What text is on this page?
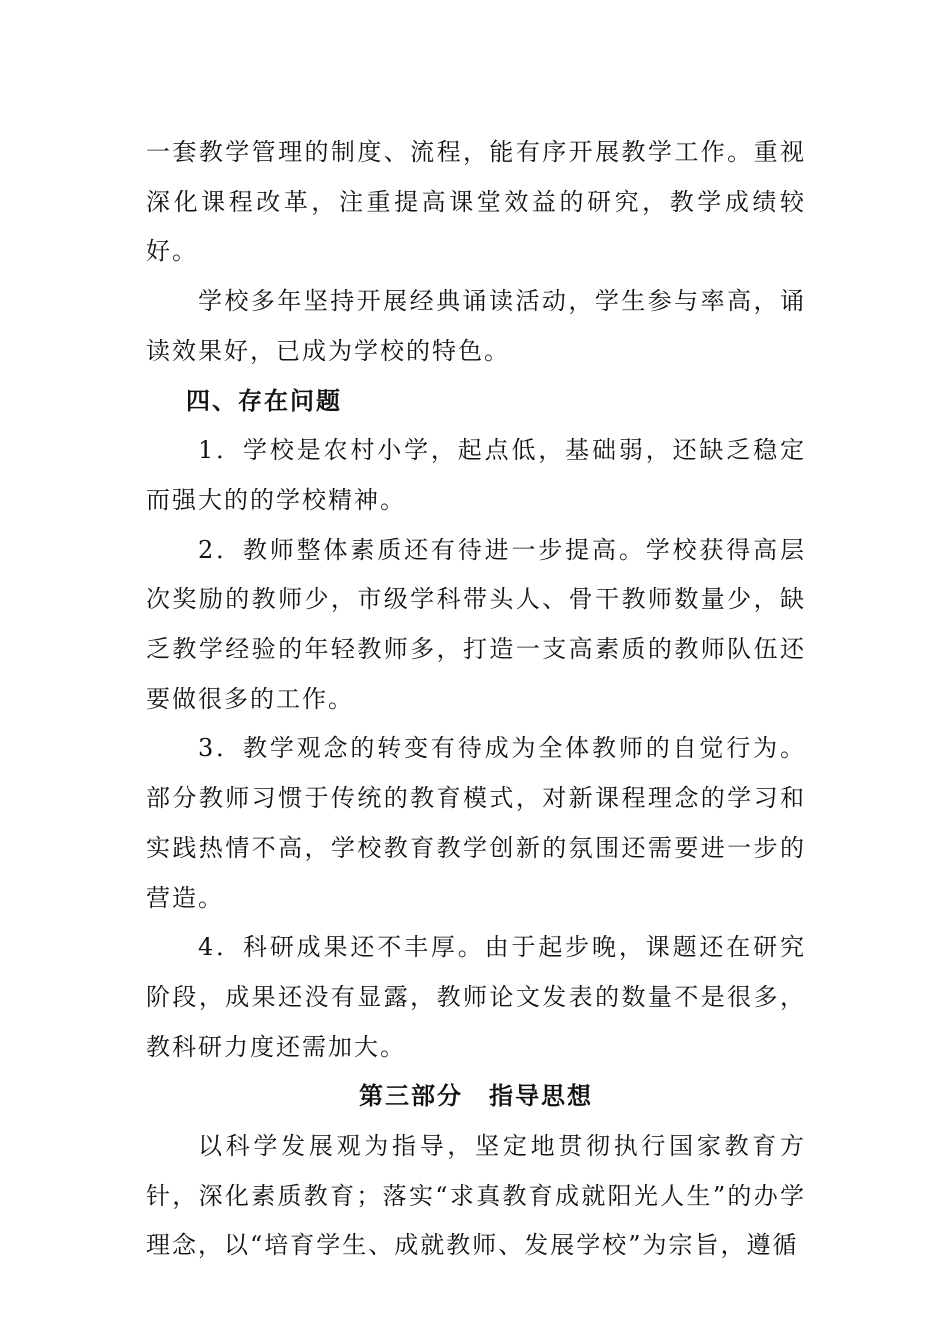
一套教学管理的制度、流程，能有序开展教学工作。重视深化课程改革，注重提高课堂效益的研究，教学成绩较好。

学校多年坚持开展经典诵读活动，学生参与率高，诵读效果好，已成为学校的特色。

四、存在问题

1．学校是农村小学，起点低，基础弱，还缺乏稳定而强大的的学校精神。

2．教师整体素质还有待进一步提高。学校获得高层次奖励的教师少，市级学科带头人、骨干教师数量少，缺乏教学经验的年轻教师多，打造一支高素质的教师队伍还要做很多的工作。

3．教学观念的转变有待成为全体教师的自觉行为。部分教师习惯于传统的教育模式，对新课程理念的学习和实践热情不高，学校教育教学创新的氛围还需要进一步的营造。

4．科研成果还不丰厚。由于起步晚，课题还在研究阶段，成果还没有显露，教师论文发表的数量不是很多，教科研力度还需加大。

第三部分　指导思想

以科学发展观为指导，坚定地贯彻执行国家教育方针，深化素质教育；落实“求真教育成就阳光人生”的办学理念，以“培育学生、成就教师、发展学校”为宗旨，遵循
